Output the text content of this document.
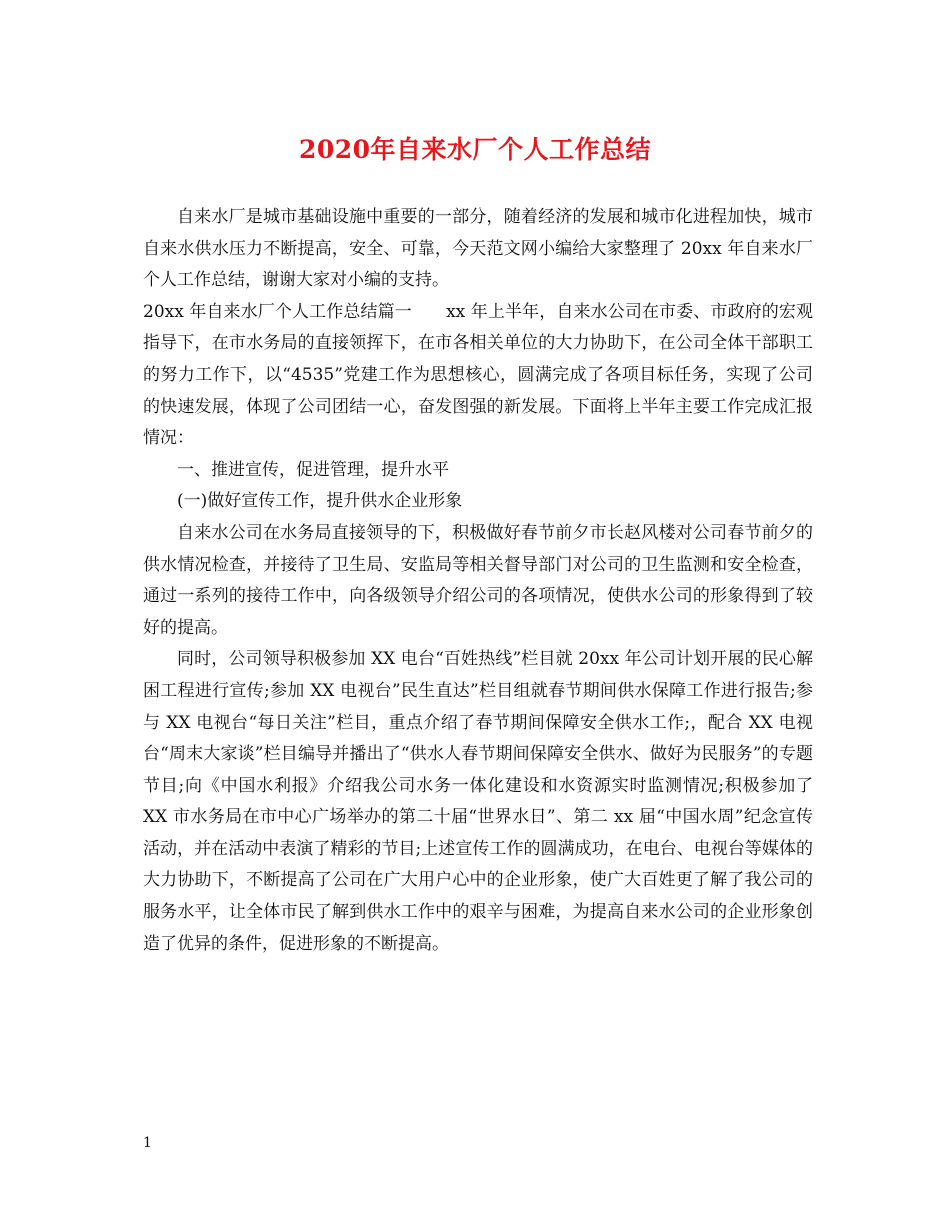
2020年自来水厂个人工作总结

自来水厂是城市基础设施中重要的一部分，随着经济的发展和城市化进程加快，城市自来水供水压力不断提高，安全、可靠，今天范文网小编给大家整理了 20xx 年自来水厂个人工作总结，谢谢大家对小编的支持。

20xx 年自来水厂个人工作总结篇一　　xx 年上半年，自来水公司在市委、市政府的宏观指导下，在市水务局的直接领挥下，在市各相关单位的大力协助下，在公司全体干部职工的努力工作下，以“4535”党建工作为思想核心，圆满完成了各项目标任务，实现了公司的快速发展，体现了公司团结一心，奋发图强的新发展。下面将上半年主要工作完成汇报情况：

一、推进宣传，促进管理，提升水平

(一)做好宣传工作，提升供水企业形象

自来水公司在水务局直接领导的下，积极做好春节前夕市长赵风楼对公司春节前夕的供水情况检查，并接待了卫生局、安监局等相关督导部门对公司的卫生监测和安全检查，通过一系列的接待工作中，向各级领导介绍公司的各项情况，使供水公司的形象得到了较好的提高。

同时，公司领导积极参加 XX 电台“百姓热线”栏目就 20xx 年公司计划开展的民心解困工程进行宣传;参加 XX 电视台”民生直达”栏目组就春节期间供水保障工作进行报告;参与 XX 电视台“每日关注”栏目，重点介绍了春节期间保障安全供水工作;，配合 XX 电视台“周末大家谈”栏目编导并播出了“供水人春节期间保障安全供水、做好为民服务”的专题节目;向《中国水利报》介绍我公司水务一体化建设和水资源实时监测情况;积极参加了 XX 市水务局在市中心广场举办的第二十届“世界水日”、第二 xx 届“中国水周”纪念宣传活动，并在活动中表演了精彩的节目;上述宣传工作的圆满成功，在电台、电视台等媒体的大力协助下，不断提高了公司在广大用户心中的企业形象，使广大百姓更了解了我公司的服务水平，让全体市民了解到供水工作中的艰辛与困难，为提高自来水公司的企业形象创造了优异的条件，促进形象的不断提高。

1
